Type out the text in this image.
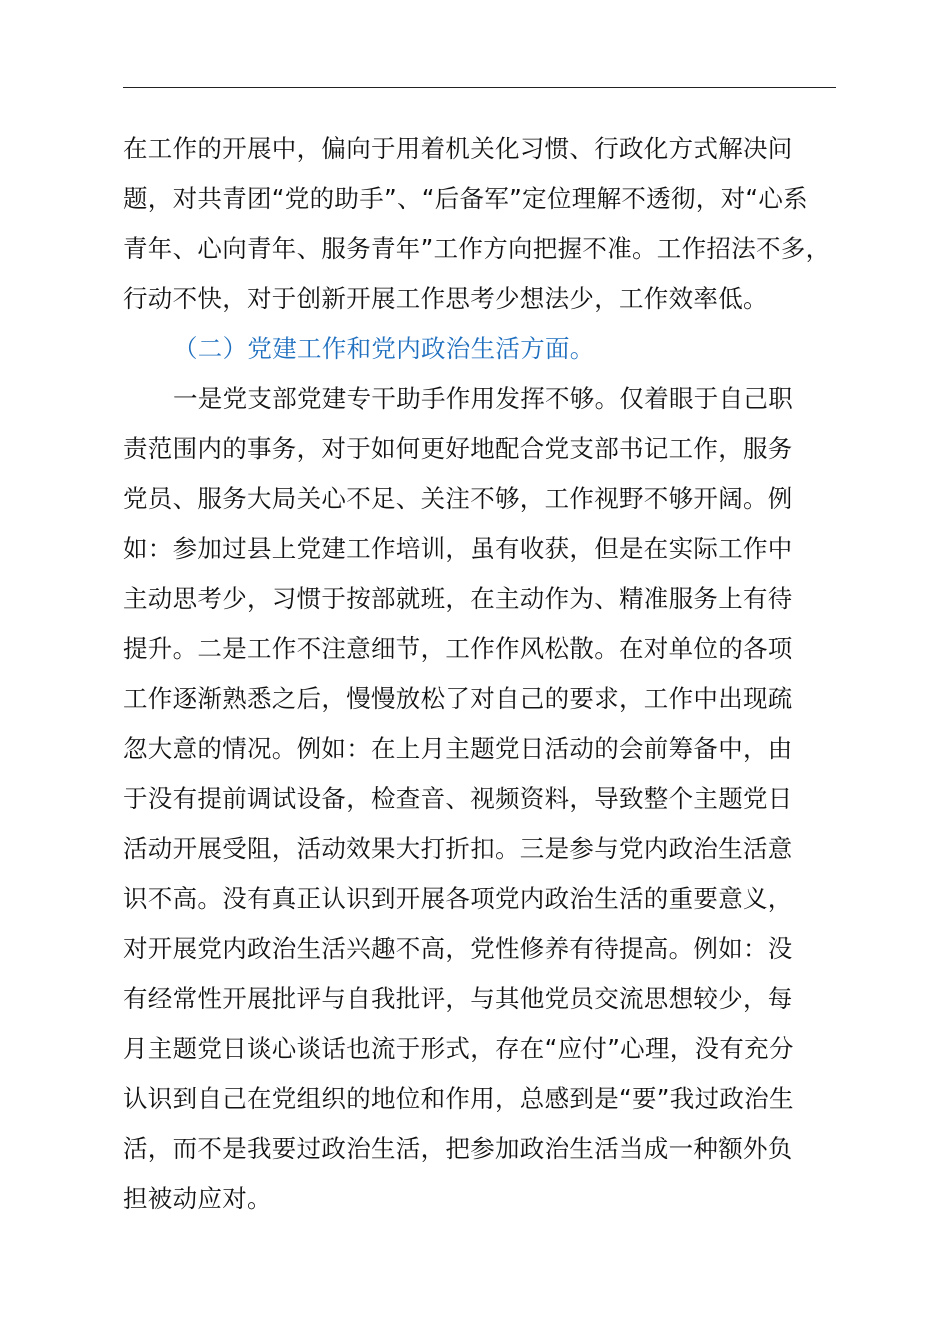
在工作的开展中，偏向于用着机关化习惯、行政化方式解决问
题，对共青团“党的助手”、“后备军”定位理解不透彻，对“心系
青年、心向青年、服务青年”工作方向把握不准。工作招法不多，
行动不快，对于创新开展工作思考少想法少，工作效率低。
（二）党建工作和党内政治生活方面。
一是党支部党建专干助手作用发挥不够。仅着眼于自己职
责范围内的事务，对于如何更好地配合党支部书记工作，服务
党员、服务大局关心不足、关注不够，工作视野不够开阔。例
如：参加过县上党建工作培训，虽有收获，但是在实际工作中
主动思考少，习惯于按部就班，在主动作为、精准服务上有待
提升。二是工作不注意细节，工作作风松散。在对单位的各项
工作逐渐熟悉之后，慢慢放松了对自己的要求，工作中出现疏
忽大意的情况。例如：在上月主题党日活动的会前筹备中，由
于没有提前调试设备，检查音、视频资料，导致整个主题党日
活动开展受阻，活动效果大打折扣。三是参与党内政治生活意
识不高。没有真正认识到开展各项党内政治生活的重要意义，
对开展党内政治生活兴趣不高，党性修养有待提高。例如：没
有经常性开展批评与自我批评，与其他党员交流思想较少，每
月主题党日谈心谈话也流于形式，存在“应付”心理，没有充分
认识到自己在党组织的地位和作用，总感到是“要”我过政治生
活，而不是我要过政治生活，把参加政治生活当成一种额外负
担被动应对。
